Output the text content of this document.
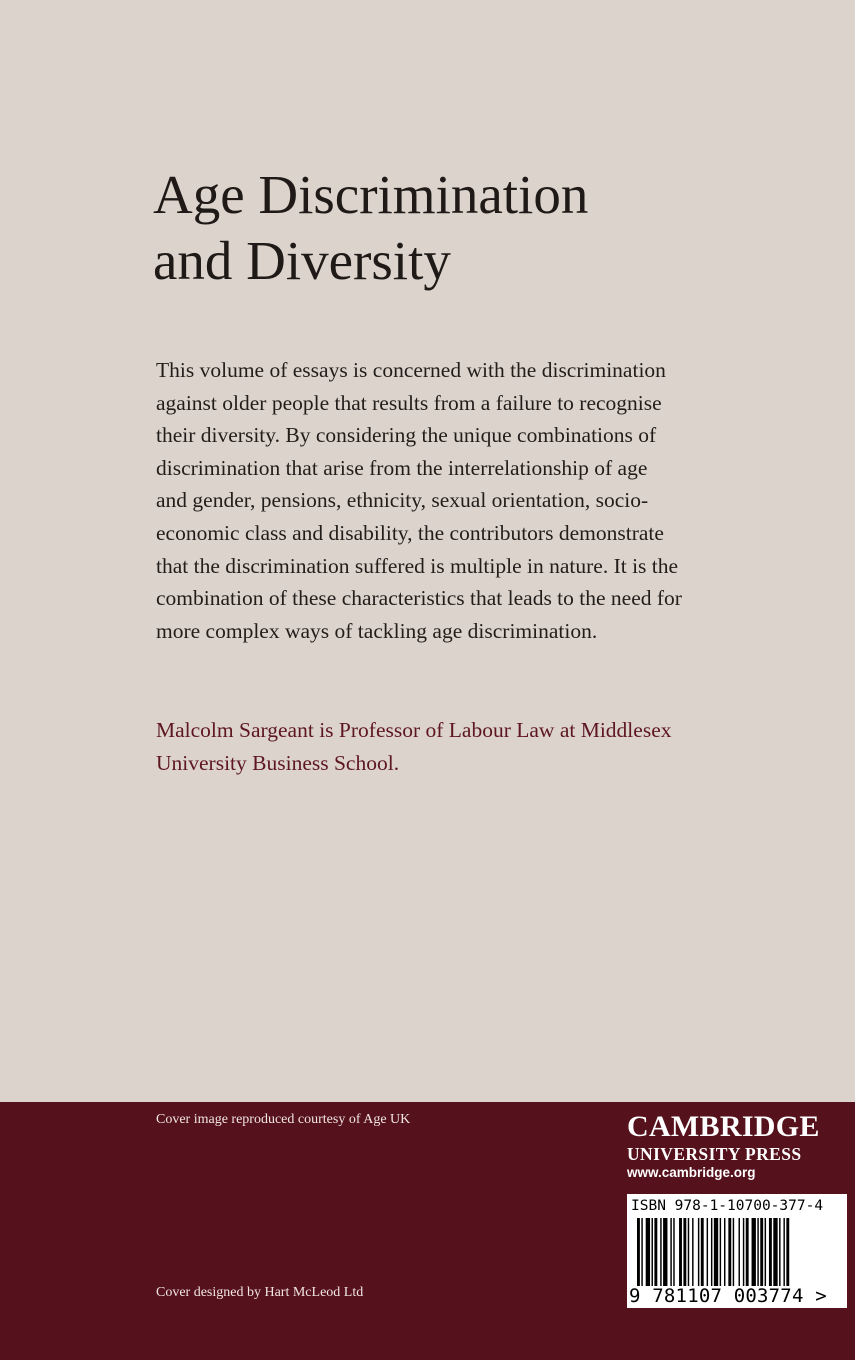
Age Discrimination
and Diversity

This volume of essays is concerned with the discrimination
against older people that results from a failure to recognise
their diversity. By considering the unique combinations of
discrimination that arise from the interrelationship of age
and gender, pensions, ethnicity, sexual orientation, socio-
economic class and disability, the contributors demonstrate
that the discrimination suffered is multiple in nature. It is the
combination of these characteristics that leads to the need for
more complex ways of tackling age discrimination.

Malcolm Sargeant is Professor of Labour Law at Middlesex
University Business School.

Cover image reproduced courtesy of Age UK

Cover designed by Hart McLeod Ltd

CAMBRIDGE
UNIVERSITY PRESS
www.cambridge.org

ISBN 978-1-10700-377-4

9 781107 003774 >
